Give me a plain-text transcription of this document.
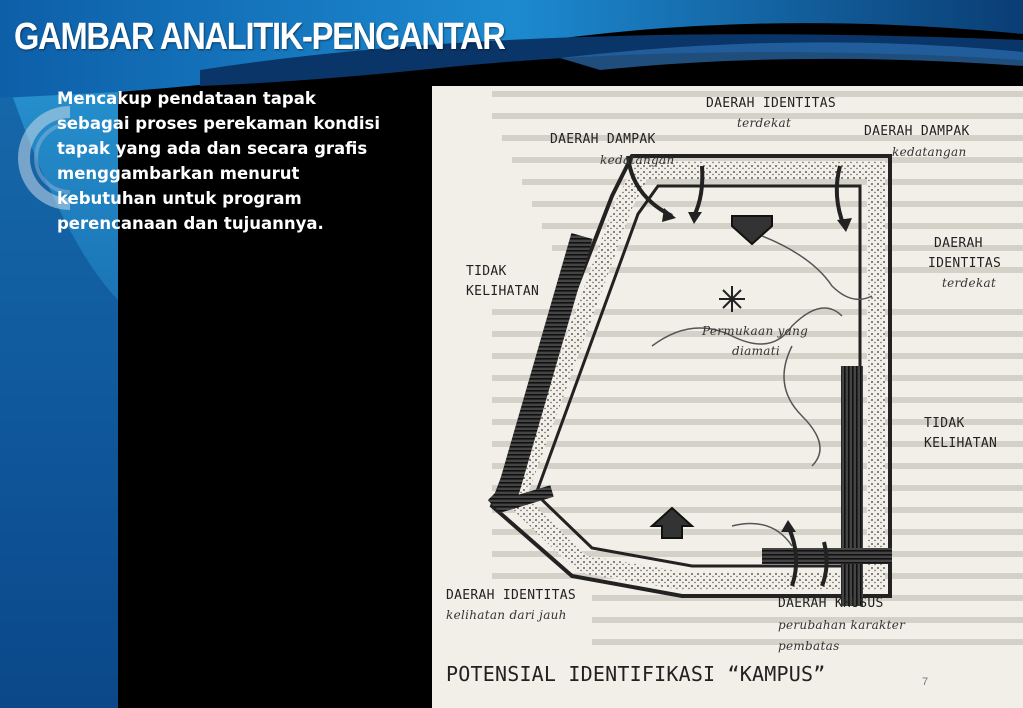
GAMBAR ANALITIK-PENGANTAR

Mencakup pendataan tapak sebagai proses perekaman kondisi tapak yang ada dan secara grafis menggambarkan menurut kebutuhan untuk program perencanaan dan tujuannya.

DAERAH IDENTITAS
terdekat
DAERAH DAMPAK
kedatangan
DAERAH DAMPAK
kedatangan
DAERAH
IDENTITAS
terdekat
TIDAK
KELIHATAN
Permukaan yang
diamati
TIDAK
KELIHATAN
DAERAH IDENTITAS
kelihatan dari jauh
DAERAH KHUSUS
perubahan karakter
pembatas
POTENSIAL IDENTIFIKASI “KAMPUS”	7
